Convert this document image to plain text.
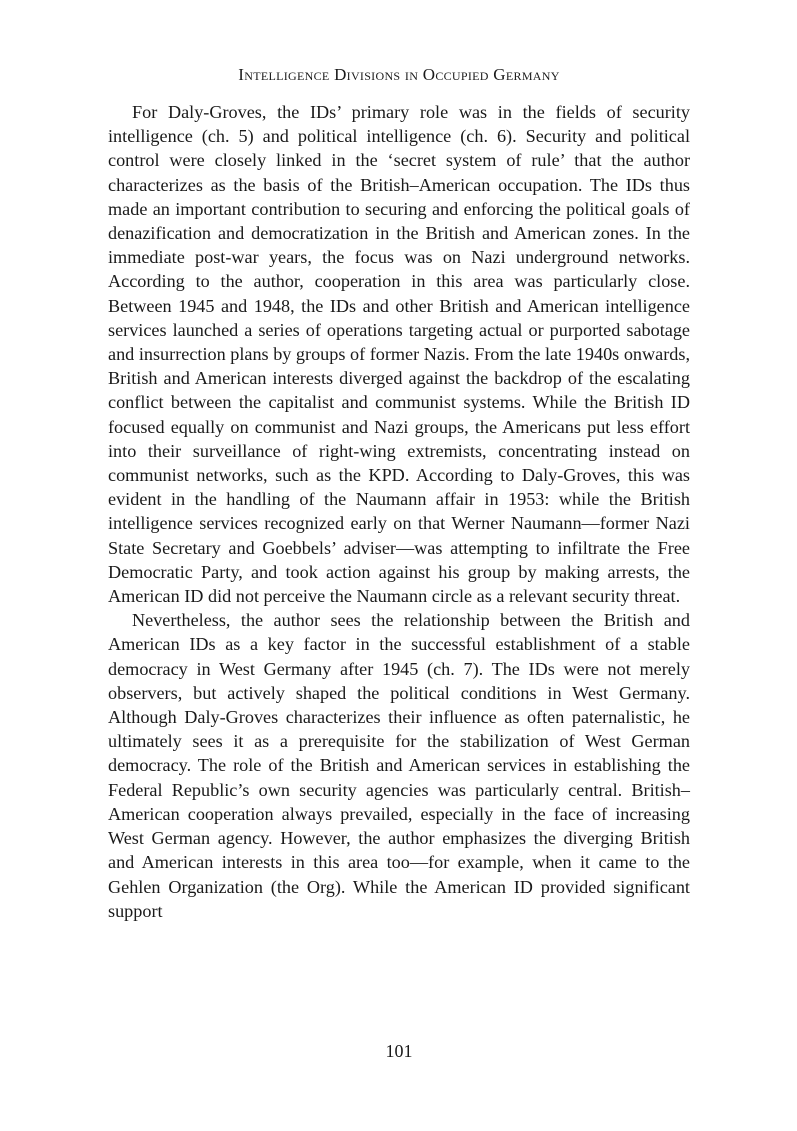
Intelligence Divisions in Occupied Germany

For Daly-Groves, the IDs’ primary role was in the fields of security intelligence (ch. 5) and political intelligence (ch. 6). Security and political control were closely linked in the ‘secret system of rule’ that the author characterizes as the basis of the British–American occupation. The IDs thus made an important contribution to securing and enforcing the political goals of denazification and democratization in the British and American zones. In the immediate post-war years, the focus was on Nazi underground networks. According to the author, cooperation in this area was particularly close. Between 1945 and 1948, the IDs and other British and American intelligence services launched a series of operations targeting actual or purported sabotage and insurrection plans by groups of former Nazis. From the late 1940s onwards, British and American interests diverged against the backdrop of the escalating conflict between the capitalist and communist systems. While the British ID focused equally on communist and Nazi groups, the Americans put less effort into their surveillance of right-wing extremists, concentrating instead on communist networks, such as the KPD. According to Daly-Groves, this was evident in the handling of the Naumann affair in 1953: while the British intelligence services recognized early on that Werner Naumann—former Nazi State Secretary and Goebbels’ adviser—was attempting to infiltrate the Free Democratic Party, and took action against his group by making arrests, the American ID did not perceive the Naumann circle as a relevant security threat.

Nevertheless, the author sees the relationship between the British and American IDs as a key factor in the successful establishment of a stable democracy in West Germany after 1945 (ch. 7). The IDs were not merely observers, but actively shaped the political conditions in West Germany. Although Daly-Groves characterizes their influence as often paternalistic, he ultimately sees it as a prerequisite for the stabilization of West German democracy. The role of the British and American services in establishing the Federal Republic’s own security agencies was particularly central. British–American cooperation always prevailed, especially in the face of increasing West German agency. However, the author emphasizes the diverging British and American interests in this area too—for example, when it came to the Gehlen Organization (the Org). While the American ID provided significant support

101
